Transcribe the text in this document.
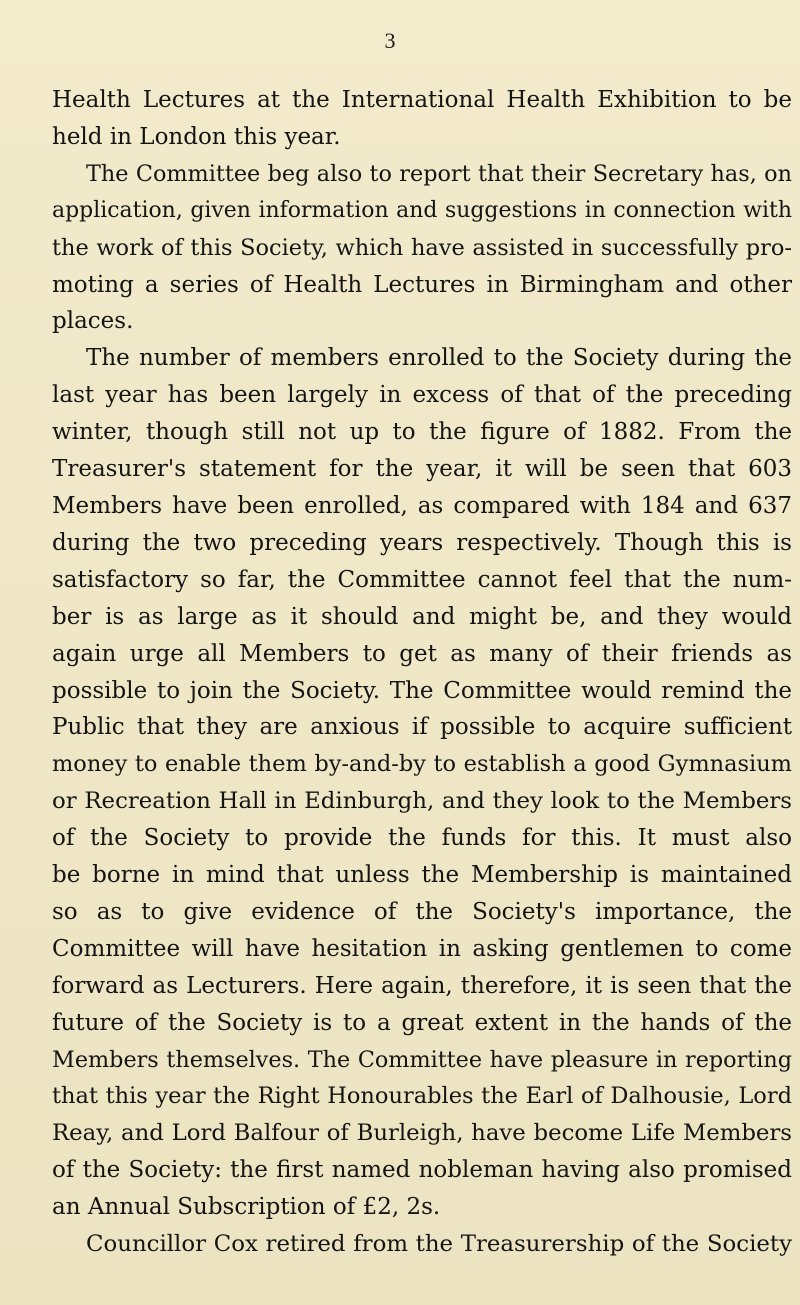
3

Health Lectures at the International Health Exhibition to be
held in London this year.

The Committee beg also to report that their Secretary has, on
application, given information and suggestions in connection with
the work of this Society, which have assisted in successfully pro-
moting a series of Health Lectures in Birmingham and other
places.

The number of members enrolled to the Society during the
last year has been largely in excess of that of the preceding
winter, though still not up to the figure of 1882. From the
Treasurer's statement for the year, it will be seen that 603
Members have been enrolled, as compared with 184 and 637
during the two preceding years respectively. Though this is
satisfactory so far, the Committee cannot feel that the num-
ber is as large as it should and might be, and they would
again urge all Members to get as many of their friends as
possible to join the Society. The Committee would remind the
Public that they are anxious if possible to acquire sufficient
money to enable them by-and-by to establish a good Gymnasium
or Recreation Hall in Edinburgh, and they look to the Members
of the Society to provide the funds for this. It must also
be borne in mind that unless the Membership is maintained
so as to give evidence of the Society's importance, the
Committee will have hesitation in asking gentlemen to come
forward as Lecturers. Here again, therefore, it is seen that the
future of the Society is to a great extent in the hands of the
Members themselves. The Committee have pleasure in reporting
that this year the Right Honourables the Earl of Dalhousie, Lord
Reay, and Lord Balfour of Burleigh, have become Life Members
of the Society: the first named nobleman having also promised
an Annual Subscription of £2, 2s.

Councillor Cox retired from the Treasurership of the Society
